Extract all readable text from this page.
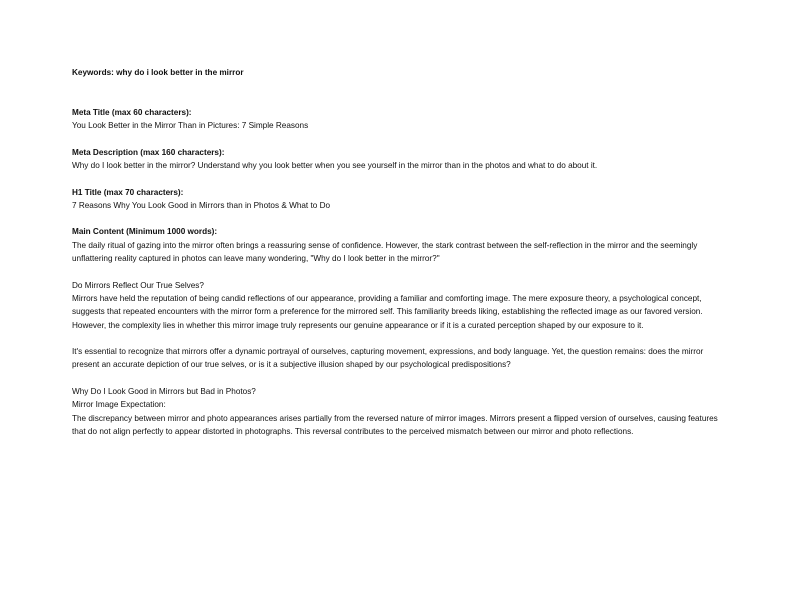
Keywords: why do i look better in the mirror

Meta Title (max 60 characters):

You Look Better in the Mirror Than in Pictures: 7 Simple Reasons

Meta Description (max 160 characters):

Why do I look better in the mirror? Understand why you look better when you see yourself in the mirror than in the photos and what to do about it.

H1 Title (max 70 characters):

7 Reasons Why You Look Good in Mirrors than in Photos & What to Do

Main Content (Minimum 1000 words):

The daily ritual of gazing into the mirror often brings a reassuring sense of confidence. However, the stark contrast between the self-reflection in the mirror and the seemingly unflattering reality captured in photos can leave many wondering, "Why do I look better in the mirror?"

Do Mirrors Reflect Our True Selves?

Mirrors have held the reputation of being candid reflections of our appearance, providing a familiar and comforting image. The mere exposure theory, a psychological concept, suggests that repeated encounters with the mirror form a preference for the mirrored self. This familiarity breeds liking, establishing the reflected image as our favored version. However, the complexity lies in whether this mirror image truly represents our genuine appearance or if it is a curated perception shaped by our exposure to it.

It's essential to recognize that mirrors offer a dynamic portrayal of ourselves, capturing movement, expressions, and body language. Yet, the question remains: does the mirror present an accurate depiction of our true selves, or is it a subjective illusion shaped by our psychological predispositions?

Why Do I Look Good in Mirrors but Bad in Photos?

Mirror Image Expectation:

The discrepancy between mirror and photo appearances arises partially from the reversed nature of mirror images. Mirrors present a flipped version of ourselves, causing features that do not align perfectly to appear distorted in photographs. This reversal contributes to the perceived mismatch between our mirror and photo reflections.
